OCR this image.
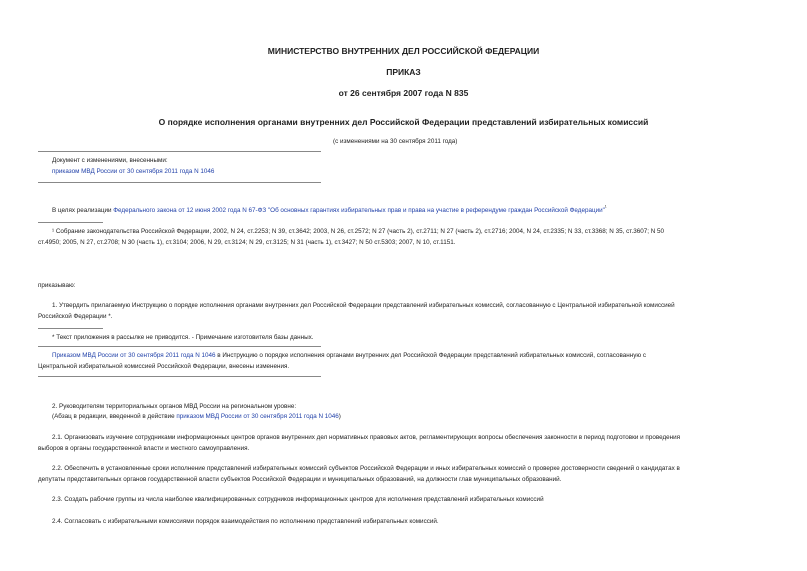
МИНИСТЕРСТВО ВНУТРЕННИХ ДЕЛ РОССИЙСКОЙ ФЕДЕРАЦИИ
ПРИКАЗ
от 26 сентября 2007 года N 835
О порядке исполнения органами внутренних дел Российской Федерации представлений избирательных комиссий
(с изменениями на 30 сентября 2011 года)
Документ с изменениями, внесенными:
приказом МВД России от 30 сентября 2011 года N 1046
В целях реализации Федерального закона от 12 июня 2002 года N 67-ФЗ "Об основных гарантиях избирательных прав и права на участие в референдуме граждан Российской Федерации"$^{^1}$
¹ Собрание законодательства Российской Федерации, 2002, N 24, ст.2253; N 39, ст.3642; 2003, N 26, ст.2572; N 27 (часть 2), ст.2711; N 27 (часть 2), ст.2716; 2004, N 24, ст.2335; N 33, ст.3368; N 35, ст.3607; N 50
ст.4950; 2005, N 27, ст.2708; N 30 (часть 1), ст.3104; 2006, N 29, ст.3124; N 29, ст.3125; N 31 (часть 1), ст.3427; N 50 ст.5303; 2007, N 10, ст.1151.
приказываю:
1. Утвердить прилагаемую Инструкцию о порядке исполнения органами внутренних дел Российской Федерации представлений избирательных комиссий, согласованную с Центральной избирательной комиссией
Российской Федерации *.
* Текст приложения в рассылке не приводится. - Примечание изготовителя базы данных.
Приказом МВД России от 30 сентября 2011 года N 1046 в Инструкцию о порядке исполнения органами внутренних дел Российской Федерации представлений избирательных комиссий, согласованную с
Центральной избирательной комиссией Российской Федерации, внесены изменения.
2. Руководителям территориальных органов МВД России на региональном уровне:
(Абзац в редакции, введенной в действие приказом МВД России от 30 сентября 2011 года N 1046)
2.1. Организовать изучение сотрудниками информационных центров органов внутренних дел нормативных правовых актов, регламентирующих вопросы обеспечения законности в период подготовки и проведения
выборов в органы государственной власти и местного самоуправления.
2.2. Обеспечить в установленные сроки исполнение представлений избирательных комиссий субъектов Российской Федерации и иных избирательных комиссий о проверке достоверности сведений о кандидатах в
депутаты представительных органов государственной власти субъектов Российской Федерации и муниципальных образований, на должности глав муниципальных образований.
2.3. Создать рабочие группы из числа наиболее квалифицированных сотрудников информационных центров для исполнения представлений избирательных комиссий
2.4. Согласовать с избирательными комиссиями порядок взаимодействия по исполнению представлений избирательных комиссий.
